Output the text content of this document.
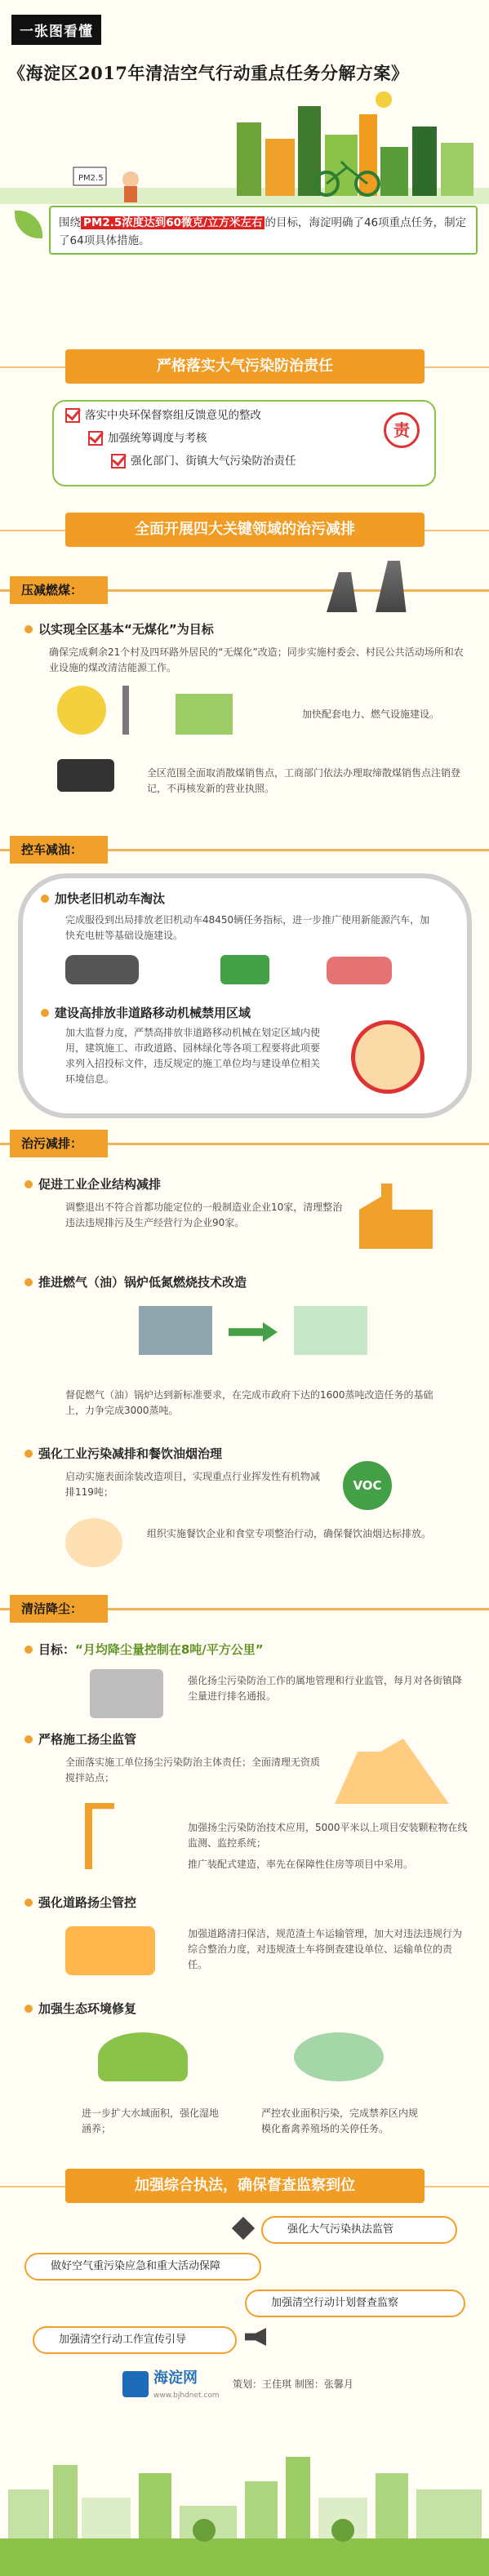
一张图看懂
《海淀区2017年清洁空气行动重点任务分解方案》
PM2.5
围绕 PM2.5浓度达到60微克/立方米左右 的目标，海淀明确了46项重点任务，制定了64项具体措施。
严格落实大气污染防治责任
落实中央环保督察组反馈意见的整改
加强统筹调度与考核
强化部门、街镇大气污染防治责任
责
全面开展四大关键领域的治污减排
压减燃煤：
以实现全区基本“无煤化”为目标
确保完成剩余21个村及四环路外居民的“无煤化”改造；同步实施村委会、村民公共活动场所和农业设施的煤改清洁能源工作。
加快配套电力、燃气设施建设。
全区范围全面取消散煤销售点，工商部门依法办理取缔散煤销售点注销登记，不再核发新的营业执照。
控车减油：
加快老旧机动车淘汰
完成服役到出局排放老旧机动车48450辆任务指标，进一步推广使用新能源汽车，加快充电桩等基础设施建设。
建设高排放非道路移动机械禁用区域
加大监督力度，严禁高排放非道路移动机械在划定区域内使用，建筑施工、市政道路、园林绿化等各项工程要将此项要求列入招投标文件，违反规定的施工单位均与建设单位相关环境信息。
治污减排：
促进工业企业结构减排
调整退出不符合首都功能定位的一般制造业企业10家，清理整治违法违规排污及生产经营行为企业90家。
推进燃气（油）锅炉低氮燃烧技术改造
督促燃气（油）锅炉达到新标准要求，在完成市政府下达的1600蒸吨改造任务的基础上，力争完成3000蒸吨。
强化工业污染减排和餐饮油烟治理
启动实施表面涂装改造项目，实现重点行业挥发性有机物减排119吨；	VOC
组织实施餐饮企业和食堂专项整治行动，确保餐饮油烟达标排放。
清洁降尘：
目标：“月均降尘量控制在8吨/平方公里”
强化扬尘污染防治工作的属地管理和行业监管，每月对各街镇降尘量进行排名通报。
严格施工扬尘监管
全面落实施工单位扬尘污染防治主体责任；全面清理无资质搅拌站点；
加强扬尘污染防治技术应用，5000平米以上项目安装颗粒物在线监测、监控系统；
推广装配式建造，率先在保障性住房等项目中采用。
强化道路扬尘管控
加强道路清扫保洁，规范渣土车运输管理，加大对违法违规行为综合整治力度，对违规渣土车将倒查建设单位、运输单位的责任。
加强生态环境修复
进一步扩大水域面积，强化湿地涵养；
严控农业面积污染，完成禁养区内规模化畜禽养殖场的关停任务。
加强综合执法，确保督查监察到位
强化大气污染执法监管
做好空气重污染应急和重大活动保障
加强清空行动计划督查监察
加强清空行动工作宣传引导
海淀网
www.bjhdnet.com
策划：王佳琪 制图：张馨月
